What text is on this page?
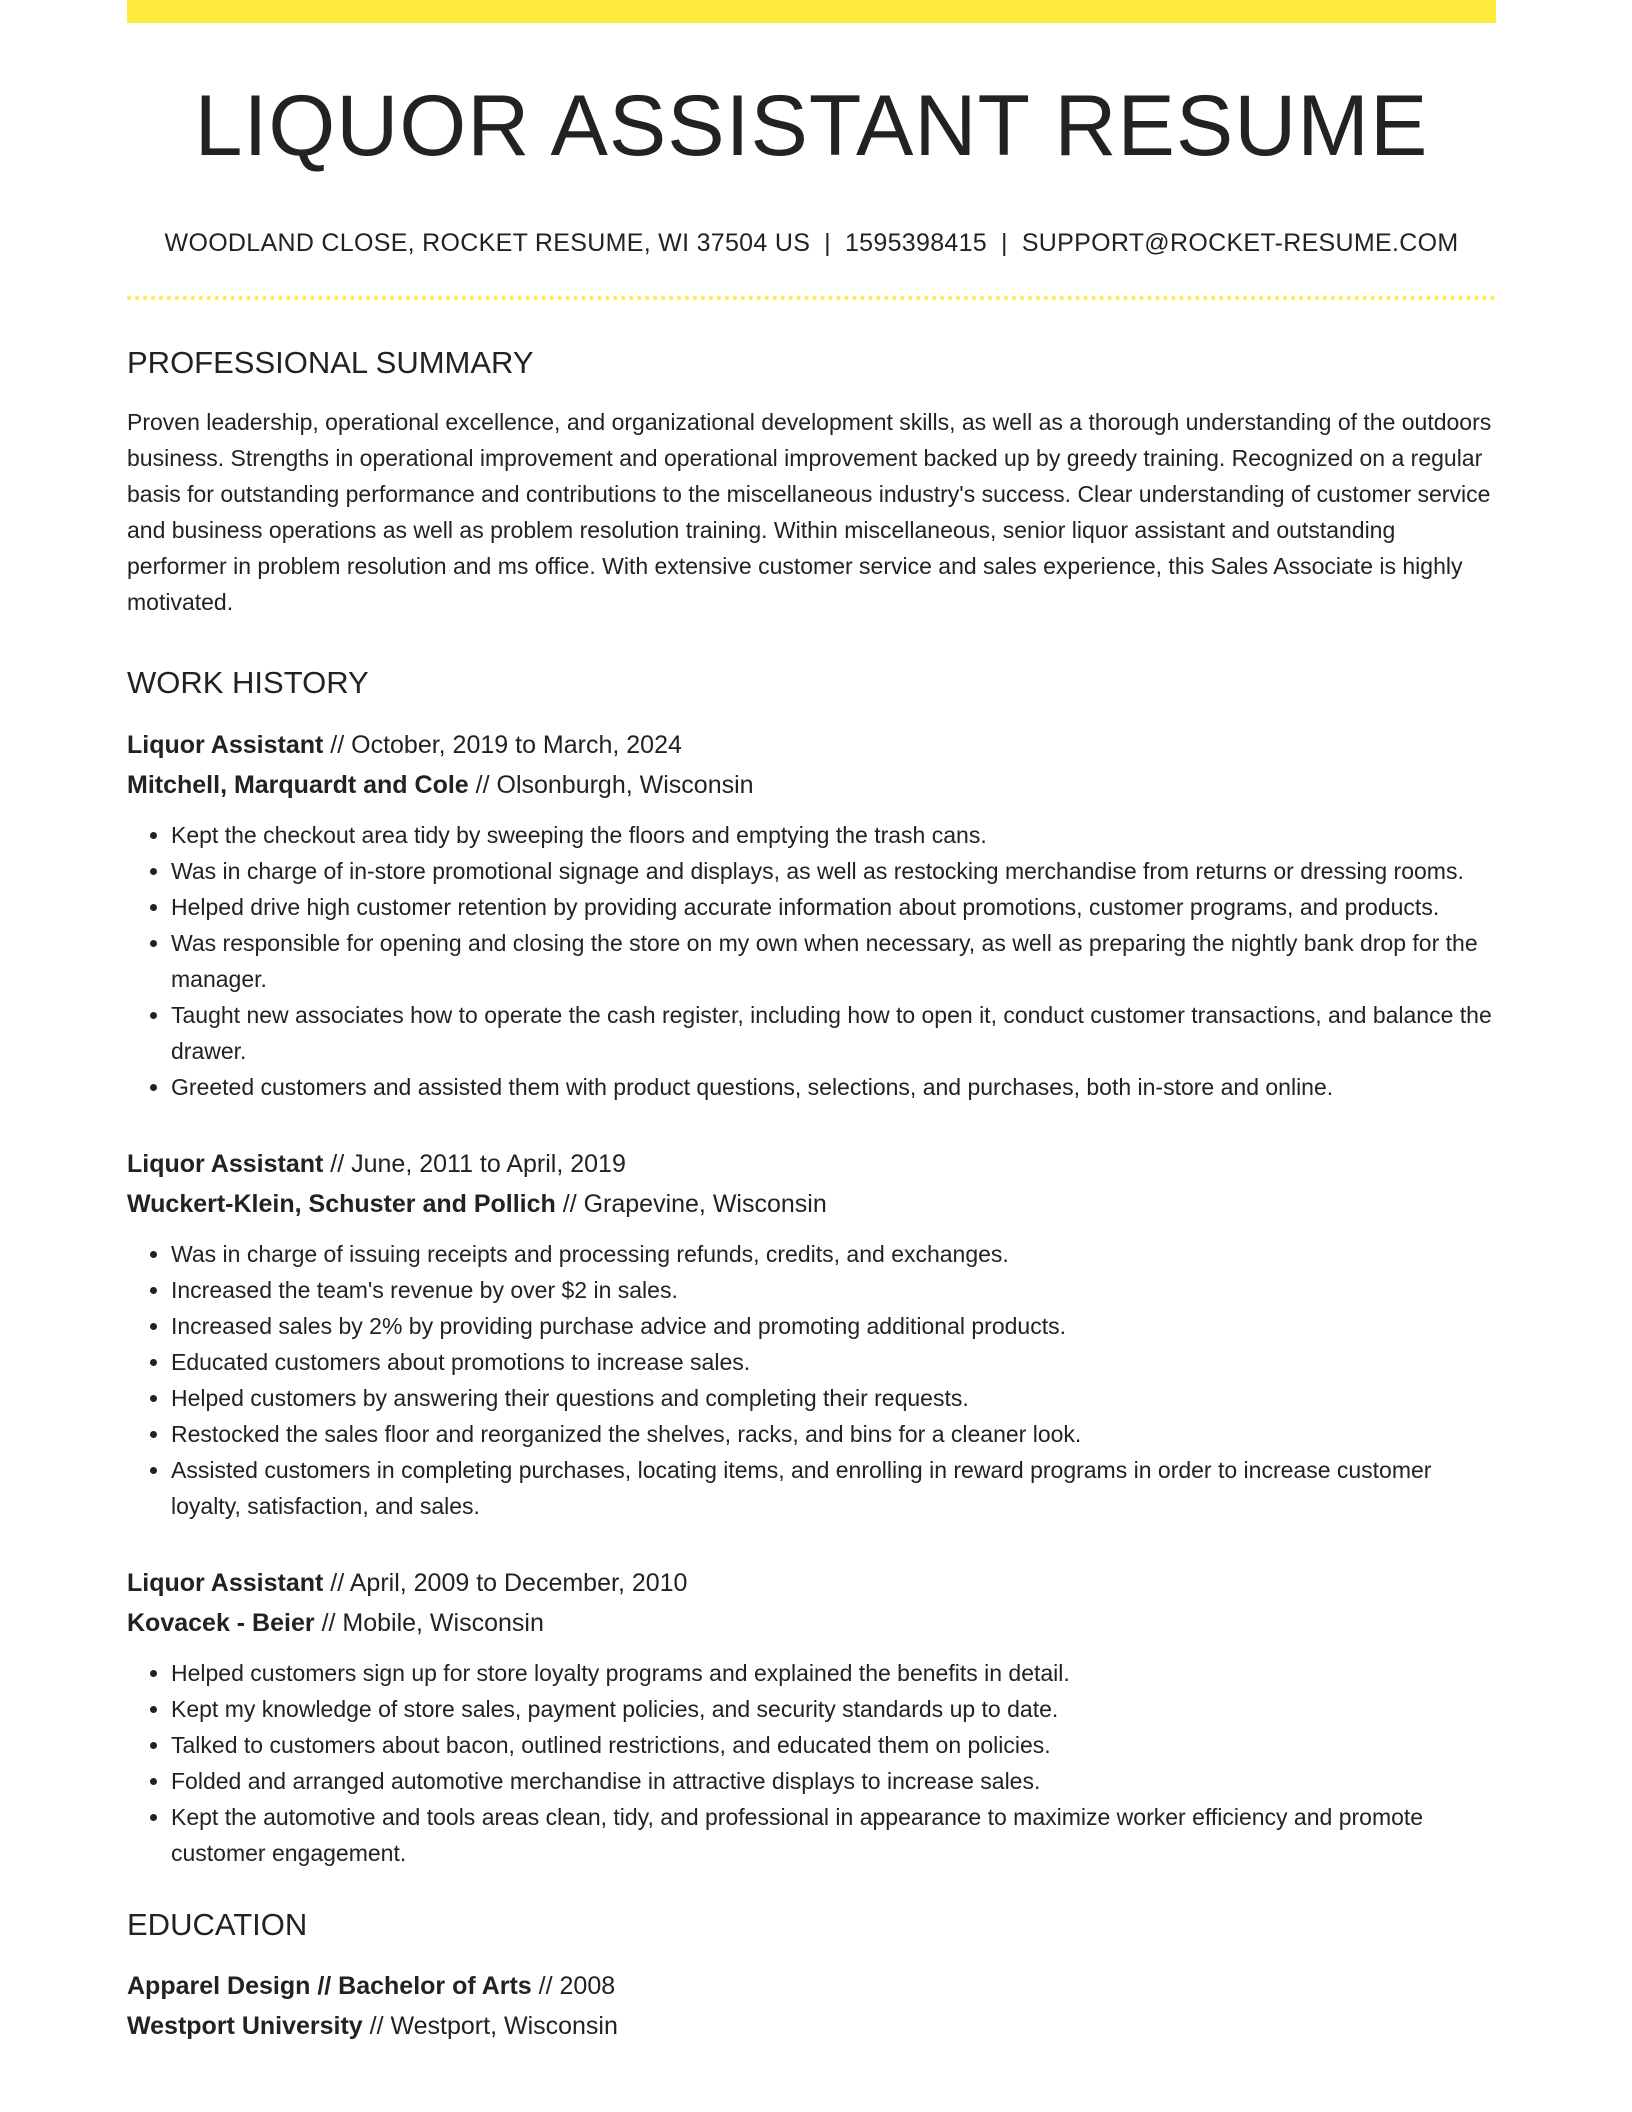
LIQUOR ASSISTANT RESUME
WOODLAND CLOSE, ROCKET RESUME, WI 37504 US | 1595398415 | SUPPORT@ROCKET-RESUME.COM
PROFESSIONAL SUMMARY
Proven leadership, operational excellence, and organizational development skills, as well as a thorough understanding of the outdoors business. Strengths in operational improvement and operational improvement backed up by greedy training. Recognized on a regular basis for outstanding performance and contributions to the miscellaneous industry's success. Clear understanding of customer service and business operations as well as problem resolution training. Within miscellaneous, senior liquor assistant and outstanding performer in problem resolution and ms office. With extensive customer service and sales experience, this Sales Associate is highly motivated.
WORK HISTORY
Liquor Assistant // October, 2019 to March, 2024
Mitchell, Marquardt and Cole // Olsonburgh, Wisconsin
• Kept the checkout area tidy by sweeping the floors and emptying the trash cans.
• Was in charge of in-store promotional signage and displays, as well as restocking merchandise from returns or dressing rooms.
• Helped drive high customer retention by providing accurate information about promotions, customer programs, and products.
• Was responsible for opening and closing the store on my own when necessary, as well as preparing the nightly bank drop for the manager.
• Taught new associates how to operate the cash register, including how to open it, conduct customer transactions, and balance the drawer.
• Greeted customers and assisted them with product questions, selections, and purchases, both in-store and online.
Liquor Assistant // June, 2011 to April, 2019
Wuckert-Klein, Schuster and Pollich // Grapevine, Wisconsin
• Was in charge of issuing receipts and processing refunds, credits, and exchanges.
• Increased the team's revenue by over $2 in sales.
• Increased sales by 2% by providing purchase advice and promoting additional products.
• Educated customers about promotions to increase sales.
• Helped customers by answering their questions and completing their requests.
• Restocked the sales floor and reorganized the shelves, racks, and bins for a cleaner look.
• Assisted customers in completing purchases, locating items, and enrolling in reward programs in order to increase customer loyalty, satisfaction, and sales.
Liquor Assistant // April, 2009 to December, 2010
Kovacek - Beier // Mobile, Wisconsin
• Helped customers sign up for store loyalty programs and explained the benefits in detail.
• Kept my knowledge of store sales, payment policies, and security standards up to date.
• Talked to customers about bacon, outlined restrictions, and educated them on policies.
• Folded and arranged automotive merchandise in attractive displays to increase sales.
• Kept the automotive and tools areas clean, tidy, and professional in appearance to maximize worker efficiency and promote customer engagement.
EDUCATION
Apparel Design // Bachelor of Arts // 2008
Westport University // Westport, Wisconsin
